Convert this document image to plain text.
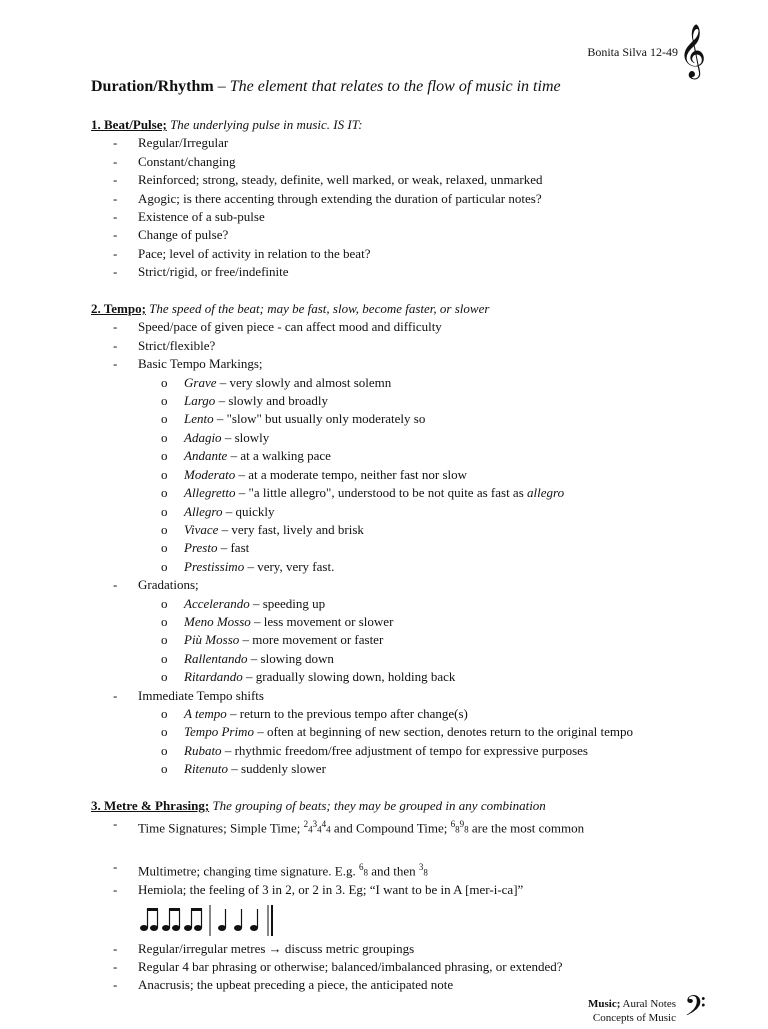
Bonita Silva 12-49 𝄞
Duration/Rhythm – The element that relates to the flow of music in time

1. Beat/Pulse; The underlying pulse in music. IS IT:

- Regular/Irregular
- Constant/changing
- Reinforced; strong, steady, definite, well marked, or weak, relaxed, unmarked
- Agogic; is there accenting through extending the duration of particular notes?
- Existence of a sub-pulse
- Change of pulse?
- Pace; level of activity in relation to the beat?
- Strict/rigid, or free/indefinite

2. Tempo; The speed of the beat; may be fast, slow, become faster, or slower

- Speed/pace of given piece - can affect mood and difficulty
- Strict/flexible?
- Basic Tempo Markings;
o Grave – very slowly and almost solemn
o Largo – slowly and broadly
o Lento – "slow" but usually only moderately so
o Adagio – slowly
o Andante – at a walking pace
o Moderato – at a moderate tempo, neither fast nor slow
o Allegretto – "a little allegro", understood to be not quite as fast as allegro
o Allegro – quickly
o Vivace – very fast, lively and brisk
o Presto – fast
o Prestissimo – very, very fast.
- Gradations;
o Accelerando – speeding up
o Meno Mosso – less movement or slower
o Più Mosso – more movement or faster
o Rallentando – slowing down
o Ritardando – gradually slowing down, holding back
- Immediate Tempo shifts
o A tempo – return to the previous tempo after change(s)
o Tempo Primo – often at beginning of new section, denotes return to the original tempo
o Rubato – rhythmic freedom/free adjustment of tempo for expressive purposes
o Ritenuto – suddenly slower

3. Metre & Phrasing; The grouping of beats; they may be grouped in any combination

- Time Signatures; Simple Time; $^24^34^44$ and Compound Time; $^68^98$ are the most common
- Multimetre; changing time signature. E.g. $^6$8 and then $^3$8
- Hemiola; the feeling of 3 in 2, or 2 in 3. Eg; “I want to be in A [mer-i-ca]”
- Regular/irregular metres → discuss metric groupings
- Regular 4 bar phrasing or otherwise; balanced/imbalanced phrasing, or extended?
- Anacrusis; the upbeat preceding a piece, the anticipated note
Music; Aural Notes
Concepts of Music 𝄢
